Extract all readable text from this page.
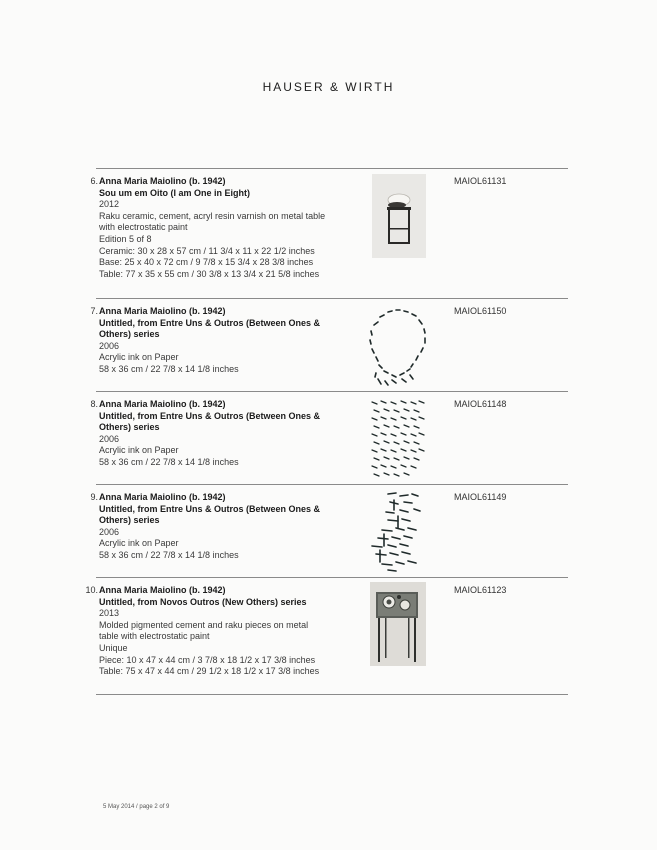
HAUSER & WIRTH
6. Anna Maria Maiolino (b. 1942)
Sou um em Oito (I am One in Eight)
2012
Raku ceramic, cement, acryl resin varnish on metal table
with electrostatic paint
Edition 5 of 8
Ceramic: 30 x 28 x 57 cm / 11 3/4 x 11 x 22 1/2 inches
Base: 25 x 40 x 72 cm / 9 7/8 x 15 3/4 x 28 3/8 inches
Table: 77 x 35 x 55 cm / 30 3/8 x 13 3/4 x 21 5/8 inches
MAIOL61131
7. Anna Maria Maiolino (b. 1942)
Untitled, from Entre Uns & Outros (Between Ones & Others) series
2006
Acrylic ink on Paper
58 x 36 cm / 22 7/8 x 14 1/8 inches
MAIOL61150
8. Anna Maria Maiolino (b. 1942)
Untitled, from Entre Uns & Outros (Between Ones & Others) series
2006
Acrylic ink on Paper
58 x 36 cm / 22 7/8 x 14 1/8 inches
MAIOL61148
9. Anna Maria Maiolino (b. 1942)
Untitled, from Entre Uns & Outros (Between Ones & Others) series
2006
Acrylic ink on Paper
58 x 36 cm / 22 7/8 x 14 1/8 inches
MAIOL61149
10. Anna Maria Maiolino (b. 1942)
Untitled, from Novos Outros (New Others) series
2013
Molded pigmented cement and raku pieces on metal
table with electrostatic paint
Unique
Piece: 10 x 47 x 44 cm / 3 7/8 x 18 1/2 x 17 3/8 inches
Table: 75 x 47 x 44 cm / 29 1/2 x 18 1/2 x 17 3/8 inches
MAIOL61123
5 May 2014 / page 2 of 9
